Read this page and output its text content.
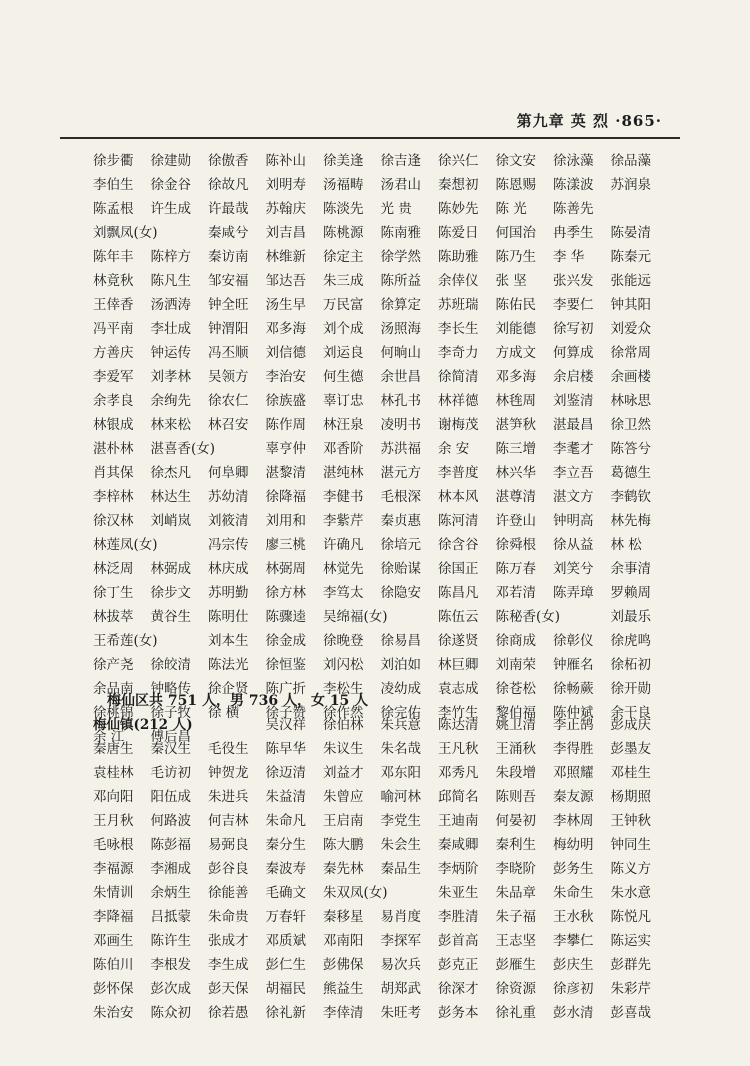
第九章 英 烈 ·865·
徐步衢	徐建勋	徐傲香	陈补山	徐美逢	徐吉逢	徐兴仁	徐文安	徐泳藻	徐品藻
李伯生	徐金谷	徐故凡	刘明寿	汤福畴	汤君山	秦想初	陈恩赐	陈漾波	苏润泉
陈孟根	许生成	许最哉	苏翰庆	陈淡先	光 贵	陈妙先	陈 光	陈善先
刘飘凤(女)	秦咸兮	刘吉昌	陈桃源	陈南雅	陈爱日	何国治	冉季生	陈晏清
陈年丰	陈梓方	秦访南	林维新	徐定主	徐学然	陈助雅	陈乃生	李 华	陈秦元
林竟秋	陈凡生	邹安福	邹达吾	朱三成	陈所益	余倖仪	张 坚	张兴发	张能远
王倖香	汤洒涛	钟全旺	汤生早	万民富	徐算定	苏班瑞	陈佑民	李要仁	钟其阳
冯平南	李壮成	钟渭阳	邓多海	刘个成	汤照海	李长生	刘能德	徐写初	刘爱众
方善庆	钟运传	冯丕顺	刘信德	刘运良	何晌山	李奇力	方成文	何算成	徐常周
李爱军	刘孝林	吴领方	李治安	何生德	余世昌	徐简清	邓多海	余启楼	余画楼
余孝良	余绚先	徐农仁	徐族盛	辜订忠	林孔书	林祥德	林毪周	刘鉴清	林咏思
林银成	林来松	林召安	陈作周	林汪泉	凌明书	谢梅茂	湛笋秋	湛最昌	徐卫然
湛朴林	湛喜香(女)	辜亨仲	邓香阶	苏洪福	余 安	陈三增	李耄才	陈答兮
肖其保	徐杰凡	何阜卿	湛黎清	湛纯林	湛元方	李普度	林兴华	李立吾	葛德生
李梓林	林达生	苏幼清	徐降福	李健书	毛根深	林本风	湛尊清	湛文方	李鹤钦
徐汉林	刘峭岚	刘筱清	刘用和	李紫芹	秦贞惠	陈河清	许登山	钟明高	林先梅
林莲凤(女)	冯宗传	廖三桃	许确凡	徐培元	徐含谷	徐舜根	徐从益	林 松
林泛周	林弼成	林庆成	林弼周	林觉先	徐贻谋	徐国正	陈万春	刘笑兮	余事清
徐丁生	徐步文	苏明勤	徐方林	李笃太	徐隐安	陈昌凡	邓若清	陈弄璋	罗赖周
林拔萃	黄谷生	陈明仕	陈骤逵	吴绵福(女)	陈伍云	陈秘香(女)	刘最乐
王希莲(女)	刘本生	徐金成	徐晚登	徐易昌	徐遂贤	徐商成	徐彰仪	徐虎鸣
徐产尧	徐皎清	陈法光	徐恒鉴	刘闪松	刘泊如	林巨卿	刘南荣	钟雁名	徐柘初
余品南	钟略传	徐企贤	陈广折	李松生	凌幼成	袁志成	徐苍松	徐畅蕨	徐开勋
徐桃锦	徐子牧	徐 横	徐子赞	徐作然	徐完佑	李竹生	黎伯福	陈仲斌	余干良
余 江	傅后昌
梅仙区共 751 人，男 736 人，女 15 人
梅仙镇(212 人)	吴汉祥	徐伯林	朱兵意	陈达清	姚卫清	李正鹄	彭成庆
秦唐生	秦汉生	毛役生	陈早华	朱议生	朱名哉	王凡秋	王涌秋	李得胜	彭墨友
袁桂林	毛访初	钟贺龙	徐迈清	刘益才	邓东阳	邓秀凡	朱段增	邓照耀	邓桂生
邓向阳	阳伍成	朱进兵	朱益清	朱曾应	喻河林	邱简名	陈则吾	秦友源	杨期照
王月秋	何路波	何吉林	朱命凡	王启南	李党生	王迪南	何晏初	李林周	王钟秋
毛咏根	陈彭福	易弼良	秦分生	陈大鹏	朱会生	秦咸卿	秦利生	梅幼明	钟同生
李福源	李湘成	彭谷良	秦波寿	秦先林	秦品生	李炳阶	李晓阶	彭务生	陈义方
朱情训	余炳生	徐能善	毛确文	朱双凤(女)	朱亚生	朱品章	朱命生	朱水意
李降福	吕抵蒙	朱命贵	万春轩	秦移星	易肖度	李胜清	朱子福	王水秋	陈悦凡
邓画生	陈许生	张成才	邓质斌	邓南阳	李探军	彭首高	王志坚	李攀仁	陈运实
陈伯川	李根发	李生成	彭仁生	彭佛保	易次兵	彭克正	彭雁生	彭庆生	彭群先
彭怀保	彭次成	彭天保	胡福民	熊益生	胡郑武	徐深才	徐资源	徐彦初	朱彩芹
朱治安	陈众初	徐若愚	徐礼新	李倖清	朱旺考	彭务本	徐礼重	彭水清	彭喜哉
